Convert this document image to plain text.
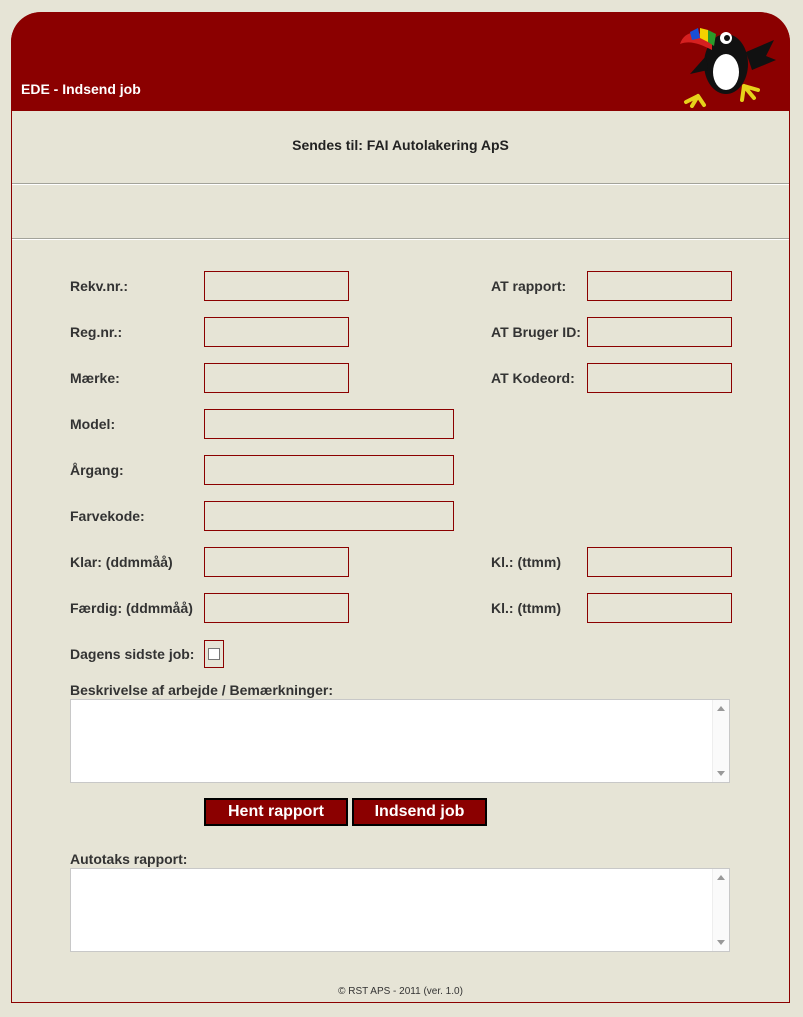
EDE - Indsend job
Sendes til: FAI Autolakering ApS
Rekv.nr.:
Reg.nr.:
Mærke:
Model:
Årgang:
Farvekode:
Klar: (ddmmåå)
Færdig: (ddmmåå)
AT rapport:
AT Bruger ID:
AT Kodeord:
Kl.: (ttmm)
Kl.: (ttmm)
Dagens sidste job:
Beskrivelse af arbejde / Bemærkninger:
Hent rapport	Indsend job
Autotaks rapport:
© RST APS - 2011 (ver. 1.0)
